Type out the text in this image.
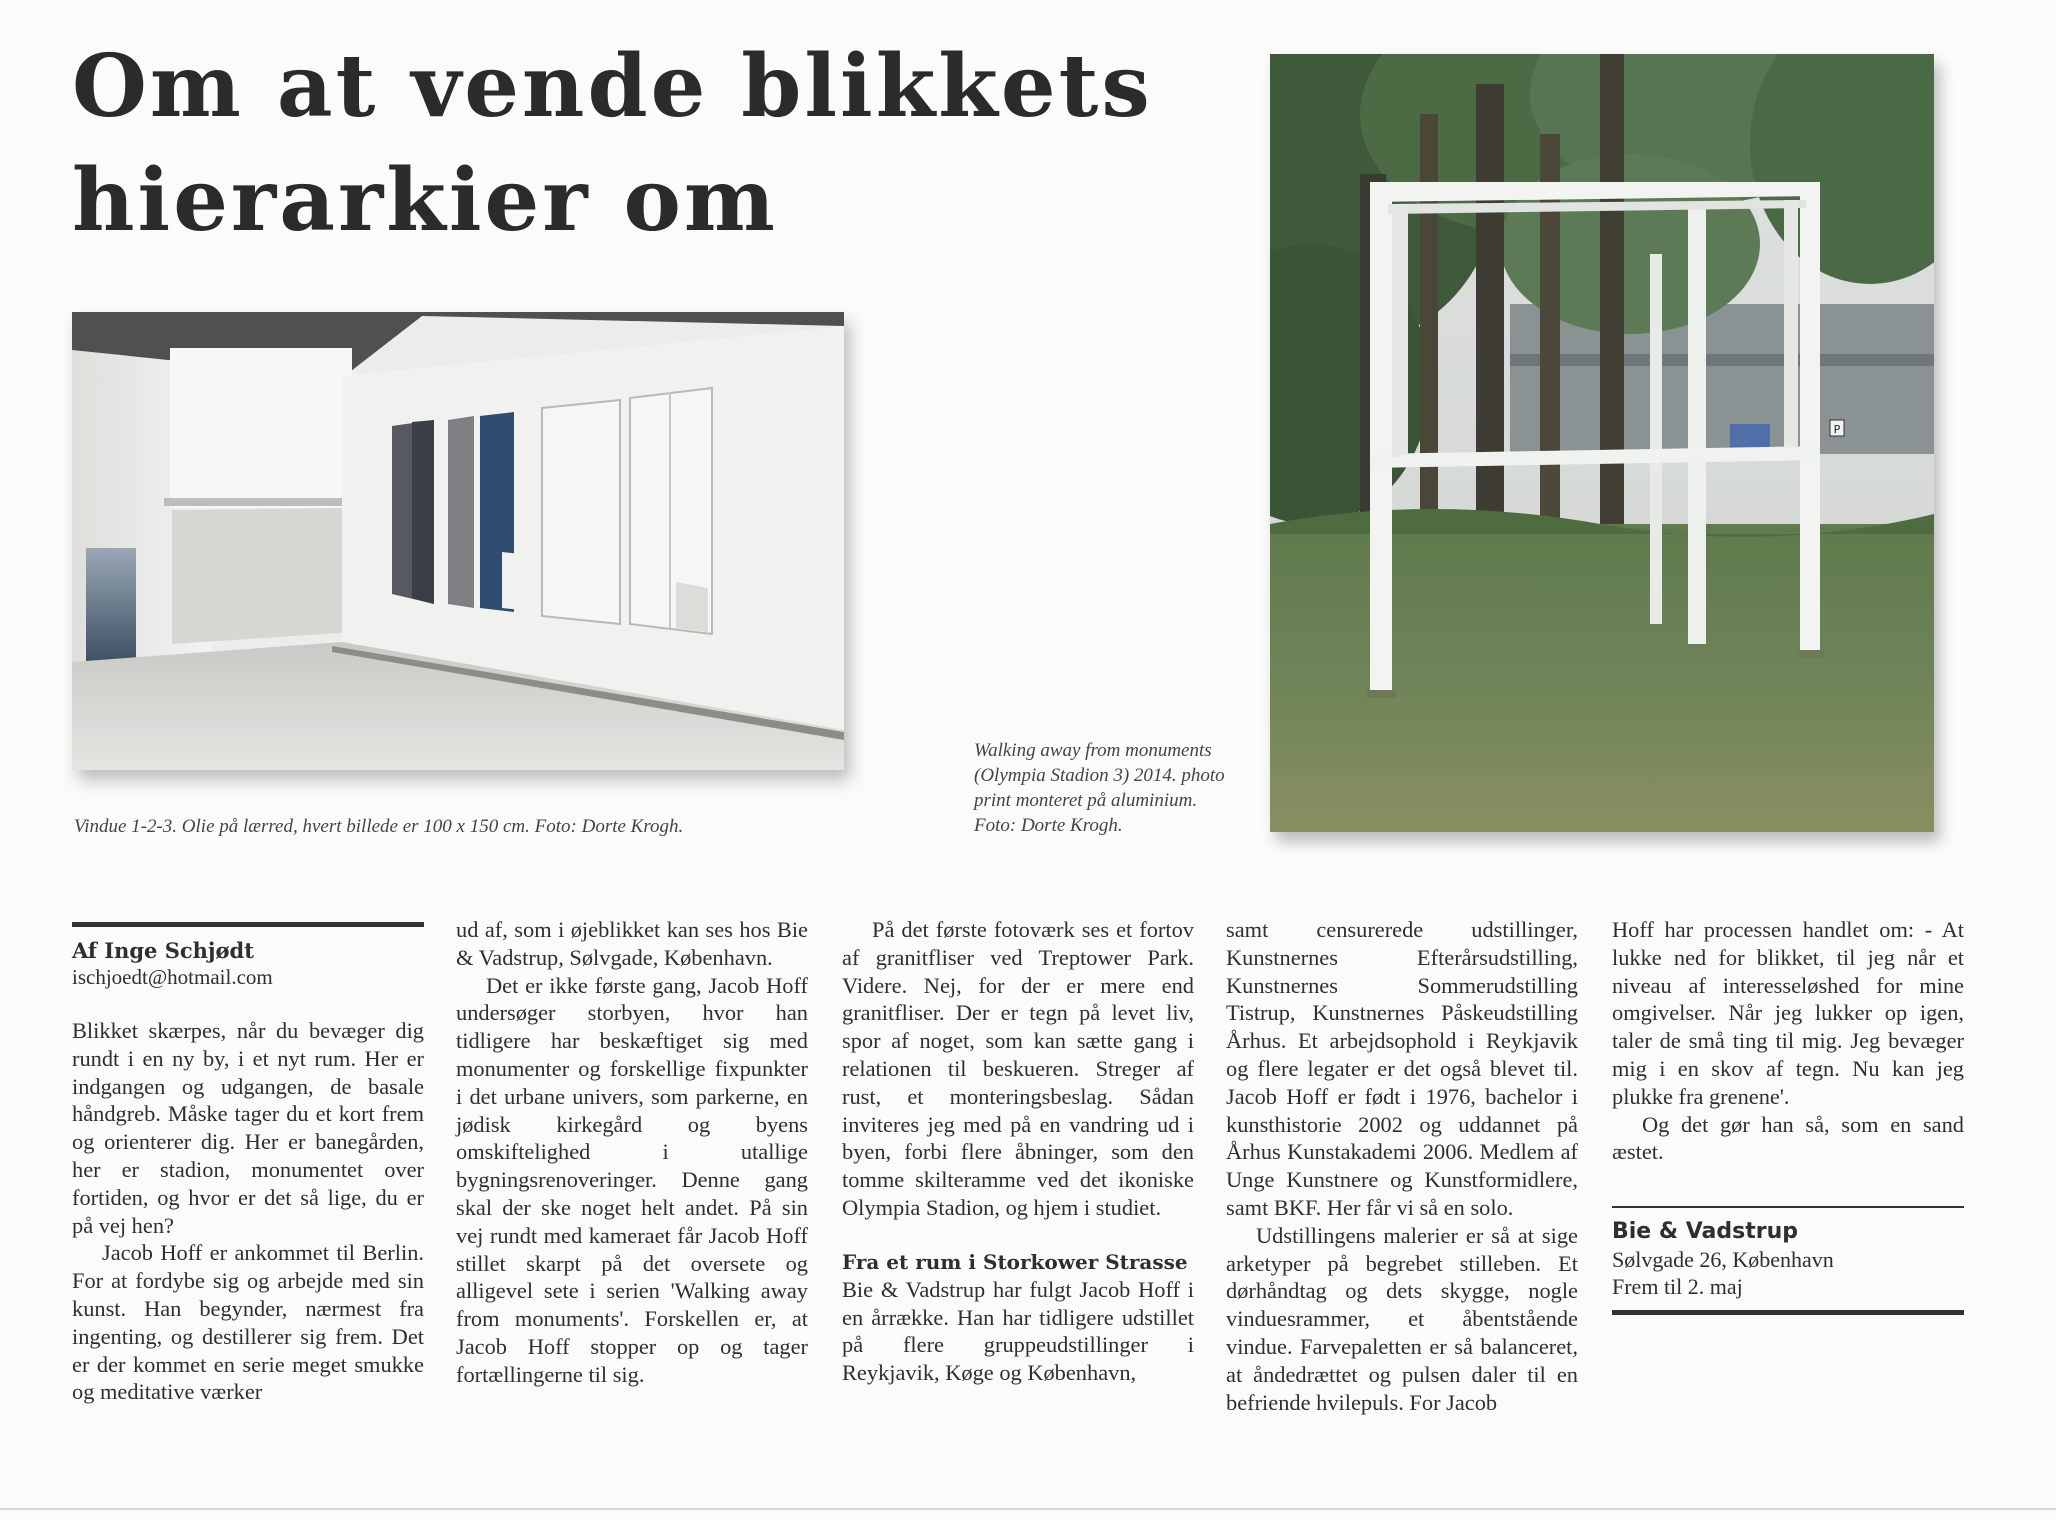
Om at vende blikkets
hierarkier om
Vindue 1-2-3. Olie på lærred, hvert billede er 100 x 150 cm. Foto: Dorte Krogh.
P
Walking away from monuments
(Olympia Stadion 3) 2014. photo
print monteret på aluminium.
Foto: Dorte Krogh.
Af Inge Schjødt
ischjoedt@hotmail.com

Blikket skærpes, når du bevæger dig rundt i en ny by, i et nyt rum. Her er indgangen og udgangen, de basale håndgreb. Måske tager du et kort frem og orienterer dig. Her er banegården, her er stadion, monumentet over fortiden, og hvor er det så lige, du er på vej hen?

Jacob Hoff er ankommet til Berlin. For at fordybe sig og arbejde med sin kunst. Han begynder, nærmest fra ingenting, og destillerer sig frem. Det er der kommet en serie meget smukke og meditative værker

ud af, som i øjeblikket kan ses hos Bie & Vadstrup, Sølvgade, København.

Det er ikke første gang, Jacob Hoff undersøger storbyen, hvor han tidligere har beskæftiget sig med monumenter og forskellige fixpunkter i det urbane univers, som parkerne, en jødisk kirkegård og byens omskiftelighed i utallige bygningsrenoveringer. Denne gang skal der ske noget helt andet. På sin vej rundt med kameraet får Jacob Hoff stillet skarpt på det oversete og alligevel sete i serien 'Walking away from monuments'. Forskellen er, at Jacob Hoff stopper op og tager fortællingerne til sig.

På det første fotoværk ses et fortov af granitfliser ved Treptower Park. Videre. Nej, for der er mere end granitfliser. Der er tegn på levet liv, spor af noget, som kan sætte gang i relationen til beskueren. Streger af rust, et monteringsbeslag. Sådan inviteres jeg med på en vandring ud i byen, forbi flere åbninger, som den tomme skilteramme ved det ikoniske Olympia Stadion, og hjem i studiet.

Fra et rum i Storkower Strasse

Bie & Vadstrup har fulgt Jacob Hoff i en årrække. Han har tidligere udstillet på flere gruppeudstillinger i Reykjavik, Køge og København,

samt censurerede udstillinger, Kunstnernes Efterårsudstilling, Kunstnernes Sommerudstilling Tistrup, Kunstnernes Påskeudstilling Århus. Et arbejdsophold i Reykjavik og flere legater er det også blevet til. Jacob Hoff er født i 1976, bachelor i kunsthistorie 2002 og uddannet på Århus Kunstakademi 2006. Medlem af Unge Kunstnere og Kunstformidlere, samt BKF. Her får vi så en solo.

Udstillingens malerier er så at sige arketyper på begrebet stilleben. Et dørhåndtag og dets skygge, nogle vinduesrammer, et åbentstående vindue. Farvepaletten er så balanceret, at åndedrættet og pulsen daler til en befriende hvilepuls. For Jacob

Hoff har processen handlet om: - At lukke ned for blikket, til jeg når et niveau af interesseløshed for mine omgivelser. Når jeg lukker op igen, taler de små ting til mig. Jeg bevæger mig i en skov af tegn. Nu kan jeg plukke fra grenene'.

Og det gør han så, som en sand æstet.

Bie & Vadstrup
Sølvgade 26, København
Frem til 2. maj
